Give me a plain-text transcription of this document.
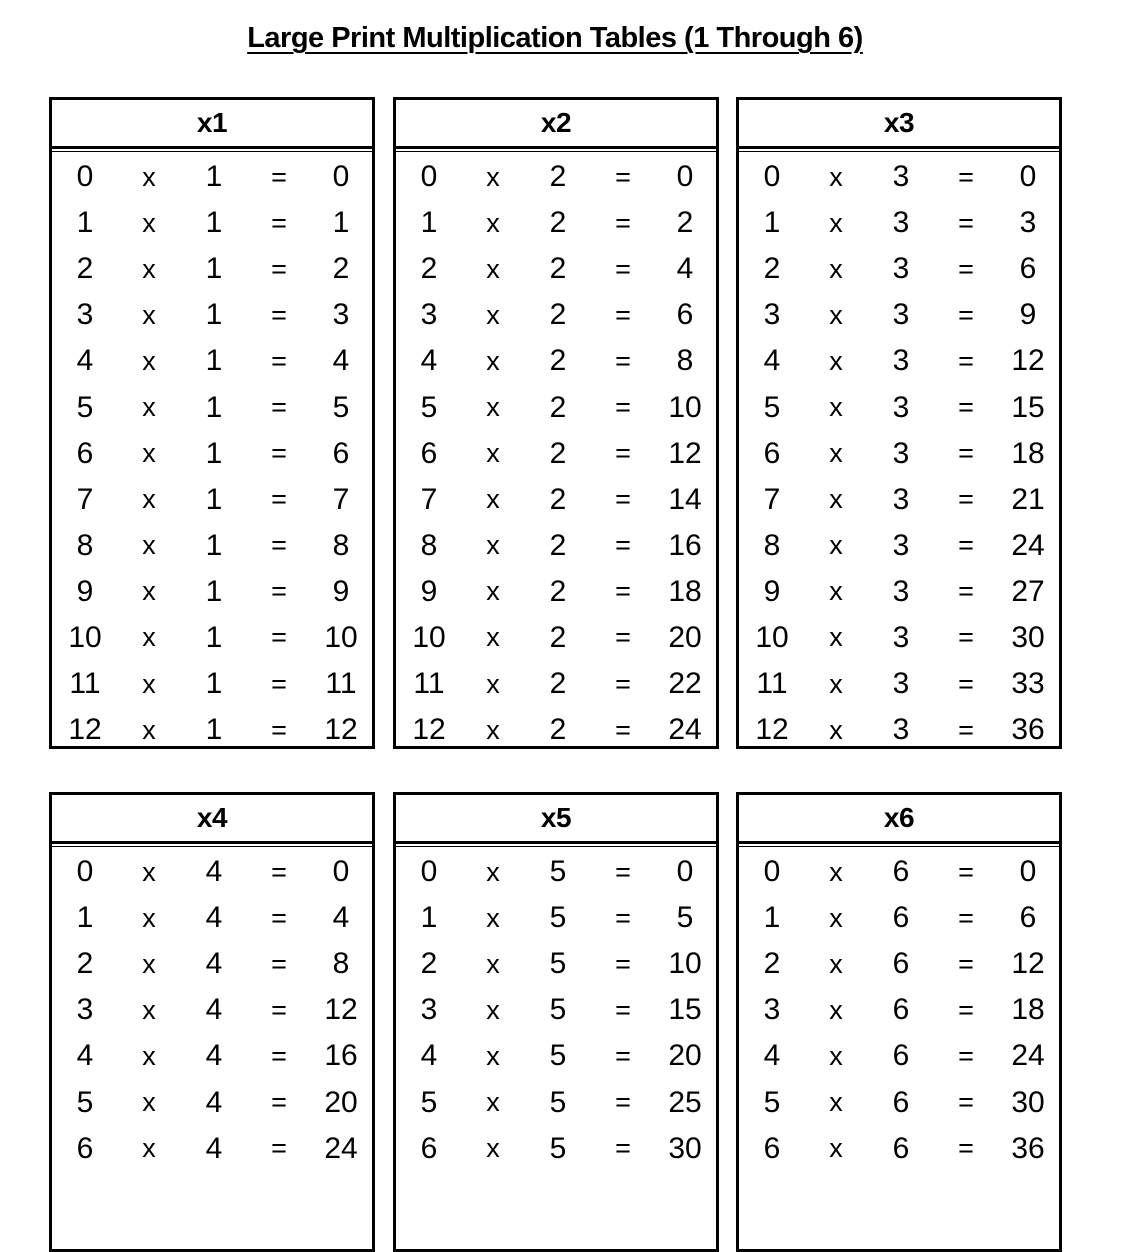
Large Print Multiplication Tables (1 Through 6)
x1
0	x	1	=	0
1	x	1	=	1
2	x	1	=	2
3	x	1	=	3
4	x	1	=	4
5	x	1	=	5
6	x	1	=	6
7	x	1	=	7
8	x	1	=	8
9	x	1	=	9
10	x	1	=	10
11	x	1	=	11
12	x	1	=	12
x2
0	x	2	=	0
1	x	2	=	2
2	x	2	=	4
3	x	2	=	6
4	x	2	=	8
5	x	2	=	10
6	x	2	=	12
7	x	2	=	14
8	x	2	=	16
9	x	2	=	18
10	x	2	=	20
11	x	2	=	22
12	x	2	=	24
x3
0	x	3	=	0
1	x	3	=	3
2	x	3	=	6
3	x	3	=	9
4	x	3	=	12
5	x	3	=	15
6	x	3	=	18
7	x	3	=	21
8	x	3	=	24
9	x	3	=	27
10	x	3	=	30
11	x	3	=	33
12	x	3	=	36
x4
0	x	4	=	0
1	x	4	=	4
2	x	4	=	8
3	x	4	=	12
4	x	4	=	16
5	x	4	=	20
6	x	4	=	24
x5
0	x	5	=	0
1	x	5	=	5
2	x	5	=	10
3	x	5	=	15
4	x	5	=	20
5	x	5	=	25
6	x	5	=	30
x6
0	x	6	=	0
1	x	6	=	6
2	x	6	=	12
3	x	6	=	18
4	x	6	=	24
5	x	6	=	30
6	x	6	=	36
